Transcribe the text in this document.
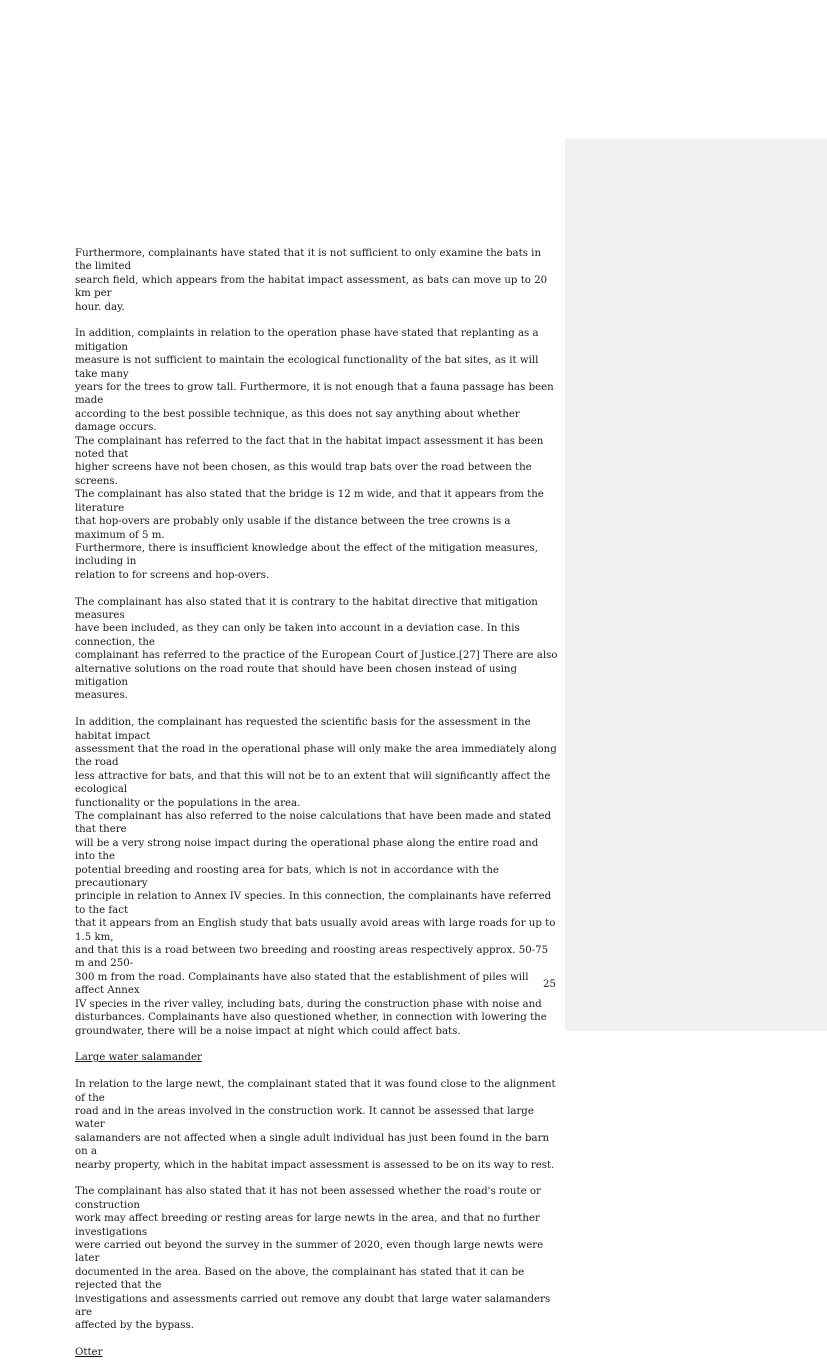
Furthermore, complainants have stated that it is not sufficient to only examine the bats in the limited
search field, which appears from the habitat impact assessment, as bats can move up to 20 km per
hour. day.

In addition, complaints in relation to the operation phase have stated that replanting as a mitigation
measure is not sufficient to maintain the ecological functionality of the bat sites, as it will take many
years for the trees to grow tall. Furthermore, it is not enough that a fauna passage has been made
according to the best possible technique, as this does not say anything about whether damage occurs.
The complainant has referred to the fact that in the habitat impact assessment it has been noted that
higher screens have not been chosen, as this would trap bats over the road between the screens.
The complainant has also stated that the bridge is 12 m wide, and that it appears from the literature
that hop-overs are probably only usable if the distance between the tree crowns is a maximum of 5 m.
Furthermore, there is insufficient knowledge about the effect of the mitigation measures, including in
relation to for screens and hop-overs.

The complainant has also stated that it is contrary to the habitat directive that mitigation measures
have been included, as they can only be taken into account in a deviation case. In this connection, the
complainant has referred to the practice of the European Court of Justice.[27] There are also
alternative solutions on the road route that should have been chosen instead of using mitigation
measures.

In addition, the complainant has requested the scientific basis for the assessment in the habitat impact
assessment that the road in the operational phase will only make the area immediately along the road
less attractive for bats, and that this will not be to an extent that will significantly affect the ecological
functionality or the populations in the area.
The complainant has also referred to the noise calculations that have been made and stated that there
will be a very strong noise impact during the operational phase along the entire road and into the
potential breeding and roosting area for bats, which is not in accordance with the precautionary
principle in relation to Annex IV species. In this connection, the complainants have referred to the fact
that it appears from an English study that bats usually avoid areas with large roads for up to 1.5 km,
and that this is a road between two breeding and roosting areas respectively approx. 50-75 m and 250-
300 m from the road. Complainants have also stated that the establishment of piles will affect Annex
IV species in the river valley, including bats, during the construction phase with noise and
disturbances. Complainants have also questioned whether, in connection with lowering the
groundwater, there will be a noise impact at night which could affect bats.

Large water salamander

In relation to the large newt, the complainant stated that it was found close to the alignment of the
road and in the areas involved in the construction work. It cannot be assessed that large water
salamanders are not affected when a single adult individual has just been found in the barn on a
nearby property, which in the habitat impact assessment is assessed to be on its way to rest.

The complainant has also stated that it has not been assessed whether the road's route or construction
work may affect breeding or resting areas for large newts in the area, and that no further investigations
were carried out beyond the survey in the summer of 2020, even though large newts were later
documented in the area. Based on the above, the complainant has stated that it can be rejected that the
investigations and assessments carried out remove any doubt that large water salamanders are
affected by the bypass.

Otter

25
